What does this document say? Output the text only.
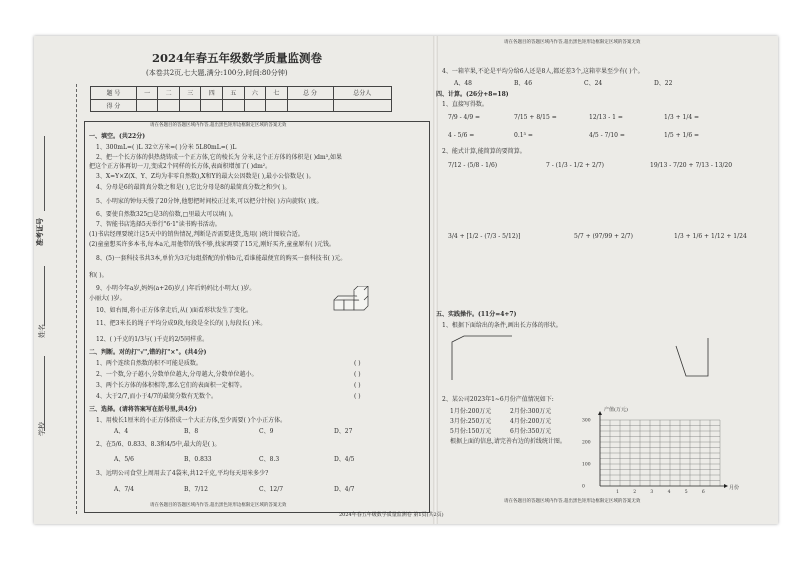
2024年春五年级数学质量监测卷
(本卷共2页,七大题,满分:100分,时间:80分钟)
题 号	一	二	三	四	五	六	七	总 分	总分人
得 分									
准考证号
姓名
学校
请在各题目的答题区域内作答,超出黑色矩形边框限定区域的答案无效
请在各题目的答题区域内作答,超出黑色矩形边框限定区域的答案无效
一、填空。(共22分)
1、300mL=( )L 32立方米=( )分米 5L80mL=( )L
2、把一个长方体的供热烧铸成一个正方体,它的棱长为 分米,这个正方体的体积是( )dm³,如果
把这个正方体再切一刀,变成2个同样的长方体,表面积增加了( )dm²。
3、X=Y×Z(X、Y、Z均为非零自然数),X和Y的最大公因数是( ),最小公倍数是( )。
4、分母是6的最简真分数之和是( ),它比分母是8的最简真分数之和少( )。
5、小明家的钟每天慢了20分钟,他想把时间校正过来,可以把分针按( )方向旋转( )度。
6、要使自然数325□是3的倍数,□里最大可以填( )。
7、智能书店选择5天举行"6·1"读书购书活动。
(1)书店经理要统计这5天中的销售情况,判断是否需要进货,选用( )统计图较合适。
(2)童童想买许多本书,每本a元,用他带的钱不够,找家再要了15元,刚好买齐,童童原有( )元钱。
8、(5)一套科技书共3本,单价为3元每组搭配的价格b元,看谁能最便宜的购买一套科技书( )元。
和( )。
9、小明今年a岁,妈妈(a+26)岁,( )年后妈妈比小明大( )岁。
小丽大( )岁。
10、如右图,将小正方体拿走后,从( )面看形状发生了变化。
11、把3米长的绳子平均分成9段,每段是全长的( ),每段长( )米。
12、( )千克的1/3与( )千克的2/5同样重。
二、判断。对的打"√",错的打"×"。(共4分)
1、两个连续自然数的积不可能是质数。	( )
2、一个数,分子越小,分数单位越大,分母越大,分数单位越小。	( )
3、两个长方体的体积相等,那么它们的表面积一定相等。	( )
4、大于2/7,而小于4/7的最简分数有无数个。	( )
三、选择。(请将答案写在括号里,共4分)
1、用棱长1厘米的小正方体搭成一个大正方体,至少需要( )个小正方体。
A、4	B、8	C、9	D、27
2、在5/6、0.833、8.3和4/5中,最大的是( )。
A、5/6	B、0.833	C、8.3	D、4/5
3、远明公司食堂上周用去了4袋米,共12千克,平均每天用米多少?
A、7/4	B、7/12	C、12/7	D、4/7
请在各题目的答题区域内作答,超出黑色矩形边框限定区域的答案无效
4、一箱苹果,不论是平均分给6人还是8人,都还差3个,这箱苹果至少有( )个。
A、48	B、46	C、24	D、22
四、计算。(26分+8=18)
1、直接写得数。
7/9 - 4/9 =	7/15 + 8/15 =	12/13 - 1 =	1/3 + 1/4 =
4 - 5/6 =	0.1³ =	4/5 - 7/10 =	1/5 + 1/6 =
2、能式计算,能简算的要简算。
7/12 - (5/8 - 1/6)	7 - (1/3 - 1/2 + 2/7)	19/13 - 7/20 + 7/13 - 13/20
3/4 + [1/2 - (7/3 - 5/12)]	5/7 + (97/99 + 2/7)	1/3 + 1/6 + 1/12 + 1/24
五、实践操作。(11分=4+7)
1、根据下面给出的条件,画出长方体的形状。
2、某公司2023年1~6月份产值情况如下:
1月份:200万元	2月份:300万元
3月份:250万元	4月份:200万元
5月份:150万元	6月份:350万元
根据上面的信息,请完善右边的折线统计图。
产值(万元)
月份
300
200
100
0
1	2	3	4	5	6
请在各题目的答题区域内作答,超出黑色矩形边框限定区域的答案无效
2024年春五年级数学质量监测卷 第1页(共2页)
